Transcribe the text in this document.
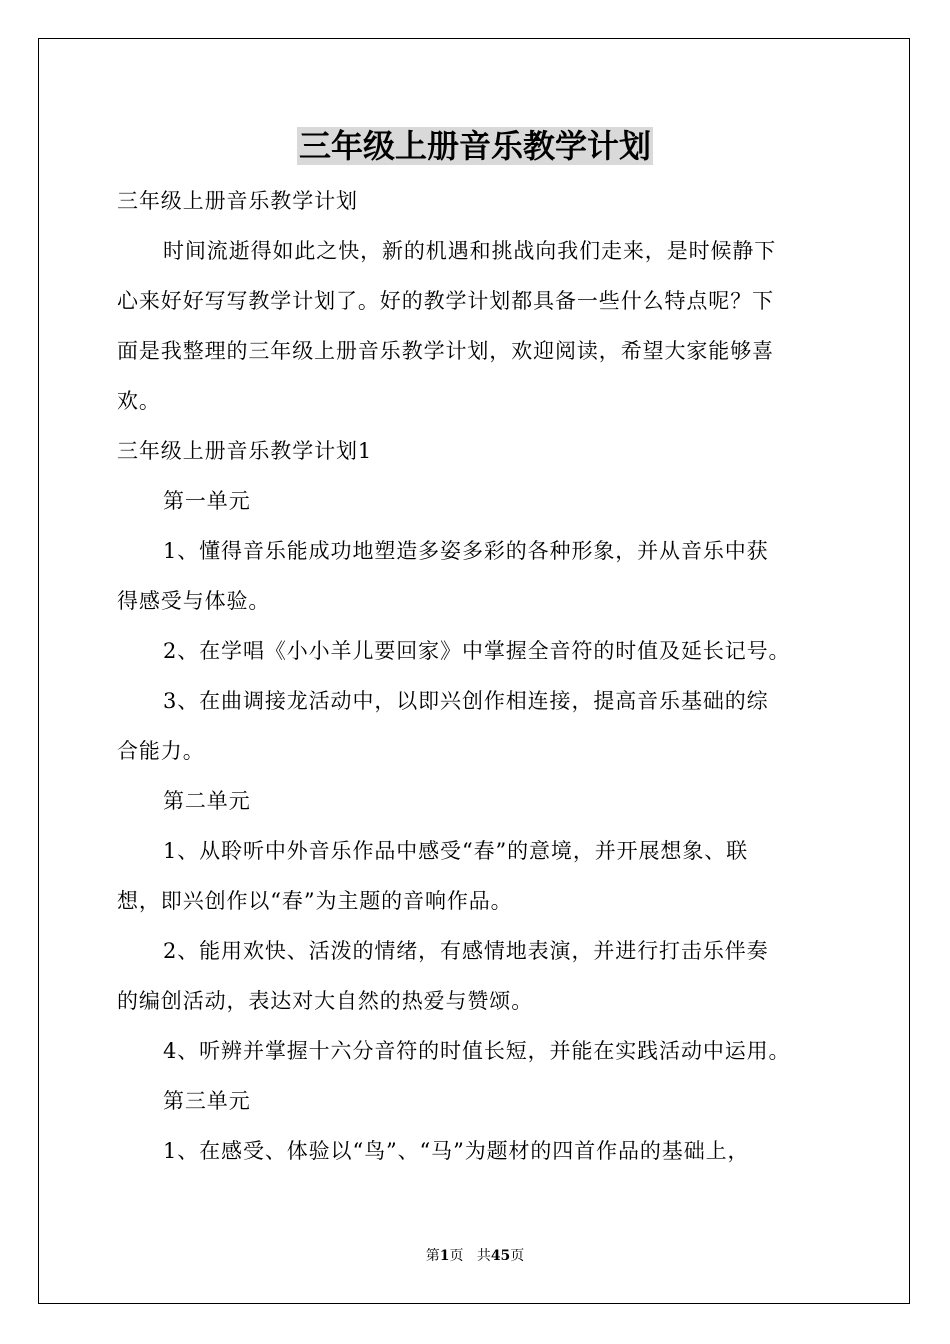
三年级上册音乐教学计划

三年级上册音乐教学计划

时间流逝得如此之快，新的机遇和挑战向我们走来，是时候静下

心来好好写写教学计划了。好的教学计划都具备一些什么特点呢？下

面是我整理的三年级上册音乐教学计划，欢迎阅读，希望大家能够喜

欢。

三年级上册音乐教学计划1

第一单元

1、懂得音乐能成功地塑造多姿多彩的各种形象，并从音乐中获

得感受与体验。

2、在学唱《小小羊儿要回家》中掌握全音符的时值及延长记号。

3、在曲调接龙活动中，以即兴创作相连接，提高音乐基础的综

合能力。

第二单元

1、从聆听中外音乐作品中感受“春”的意境，并开展想象、联

想，即兴创作以“春”为主题的音响作品。

2、能用欢快、活泼的情绪，有感情地表演，并进行打击乐伴奏

的编创活动，表达对大自然的热爱与赞颂。

4、听辨并掌握十六分音符的时值长短，并能在实践活动中运用。

第三单元

1、在感受、体验以“鸟”、“马”为题材的四首作品的基础上，

第1页 共45页
